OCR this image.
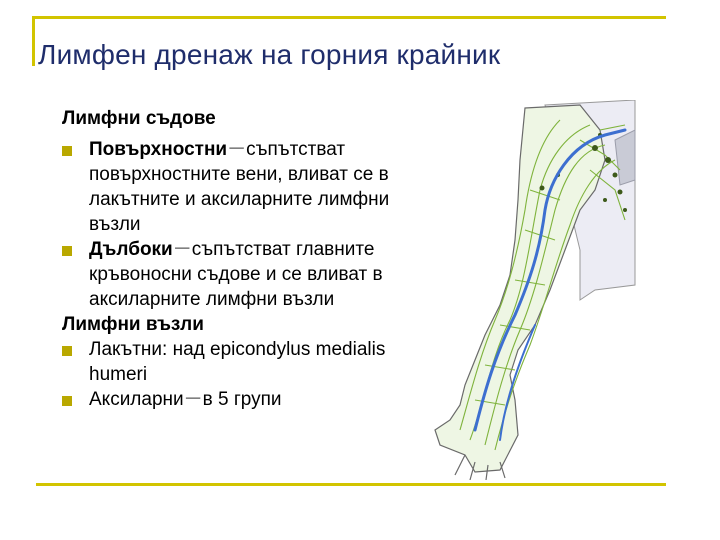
Лимфен дренаж на горния крайник

Лимфни съдове

Повърхностни－съпътстват повърхностните вени, вливат се в лакътните и аксиларните лимфни възли

Дълбоки－съпътстват главните кръвоносни съдове и се вливат в аксиларните лимфни възли

Лимфни възли

Лакътни: над epicondylus medialis humeri

Аксиларни－в 5 групи
